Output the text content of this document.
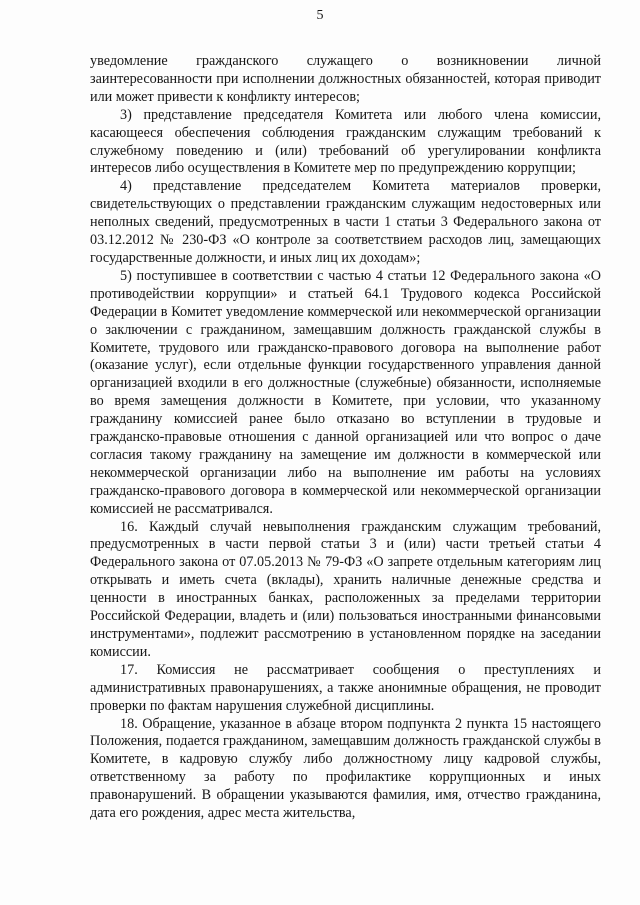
5

уведомление гражданского служащего о возникновении личной заинтересованности при исполнении должностных обязанностей, которая приводит или может привести к конфликту интересов;

3) представление председателя Комитета или любого члена комиссии, касающееся обеспечения соблюдения гражданским служащим требований к служебному поведению и (или) требований об урегулировании конфликта интересов либо осуществления в Комитете мер по предупреждению коррупции;

4) представление председателем Комитета материалов проверки, свидетельствующих о представлении гражданским служащим недостоверных или неполных сведений, предусмотренных в части 1 статьи 3 Федерального закона от 03.12.2012 № 230-ФЗ «О контроле за соответствием расходов лиц, замещающих государственные должности, и иных лиц их доходам»;

5) поступившее в соответствии с частью 4 статьи 12 Федерального закона «О противодействии коррупции» и статьей 64.1 Трудового кодекса Российской Федерации в Комитет уведомление коммерческой или некоммерческой организации о заключении с гражданином, замещавшим должность гражданской службы в Комитете, трудового или гражданско-правового договора на выполнение работ (оказание услуг), если отдельные функции государственного управления данной организацией входили в его должностные (служебные) обязанности, исполняемые во время замещения должности в Комитете, при условии, что указанному гражданину комиссией ранее было отказано во вступлении в трудовые и гражданско-правовые отношения с данной организацией или что вопрос о даче согласия такому гражданину на замещение им должности в коммерческой или некоммерческой организации либо на выполнение им работы на условиях гражданско-правового договора в коммерческой или некоммерческой организации комиссией не рассматривался.

16. Каждый случай невыполнения гражданским служащим требований, предусмотренных в части первой статьи 3 и (или) части третьей статьи 4 Федерального закона от 07.05.2013 № 79-ФЗ «О запрете отдельным категориям лиц открывать и иметь счета (вклады), хранить наличные денежные средства и ценности в иностранных банках, расположенных за пределами территории Российской Федерации, владеть и (или) пользоваться иностранными финансовыми инструментами», подлежит рассмотрению в установленном порядке на заседании комиссии.

17. Комиссия не рассматривает сообщения о преступлениях и административных правонарушениях, а также анонимные обращения, не проводит проверки по фактам нарушения служебной дисциплины.

18. Обращение, указанное в абзаце втором подпункта 2 пункта 15 настоящего Положения, подается гражданином, замещавшим должность гражданской службы в Комитете, в кадровую службу либо должностному лицу кадровой службы, ответственному за работу по профилактике коррупционных и иных правонарушений. В обращении указываются фамилия, имя, отчество гражданина, дата его рождения, адрес места жительства,
